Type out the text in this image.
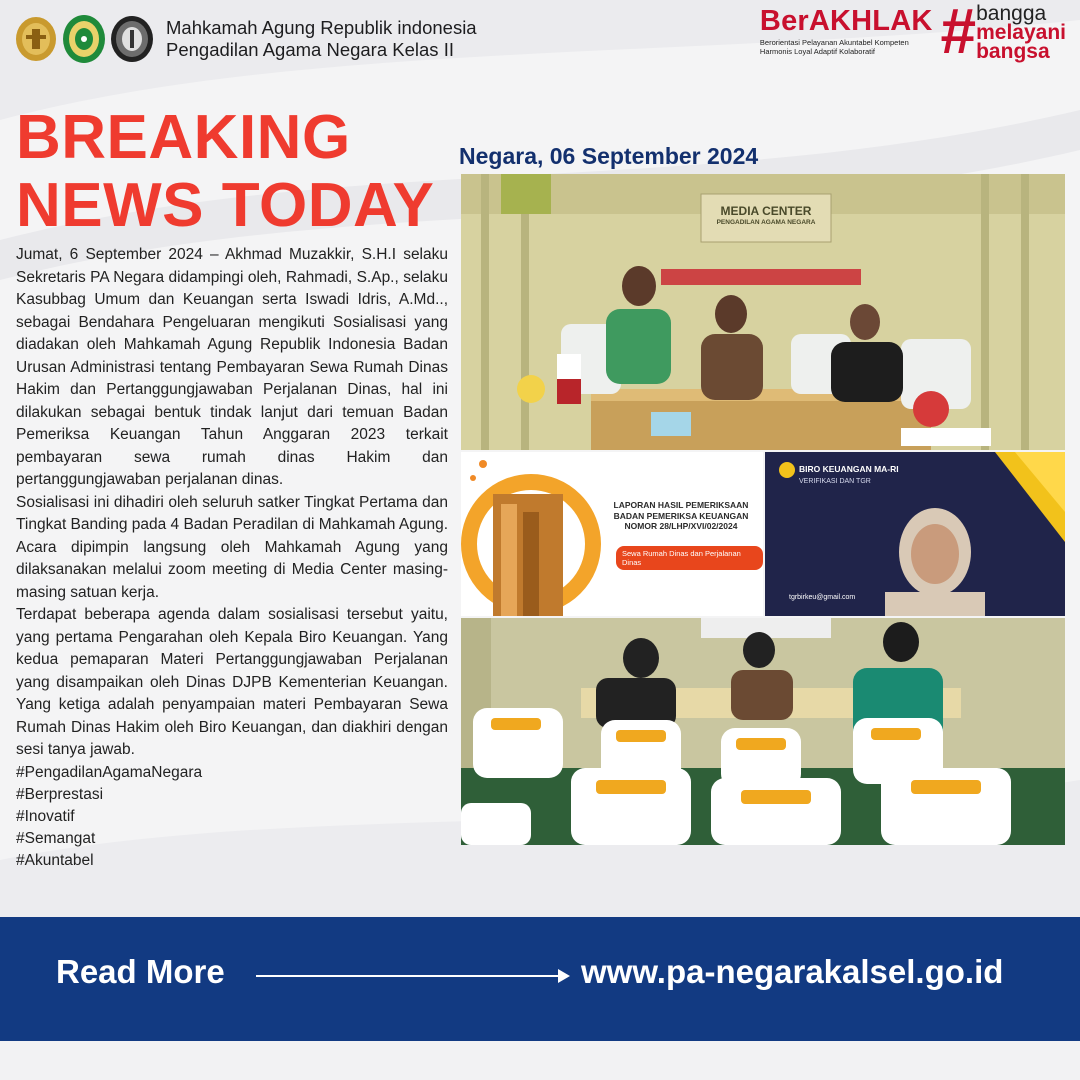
Mahkamah Agung Republik indonesia
Pengadilan Agama Negara Kelas II
BerAKHLAK
Berorientasi Pelayanan Akuntabel Kompeten Harmonis Loyal Adaptif Kolaboratif	# bangga
melayani
bangsa
BREAKING
NEWS TODAY

Jumat, 6 September 2024 – Akhmad Muzakkir, S.H.I selaku Sekretaris PA Negara didampingi oleh, Rahmadi, S.Ap., selaku Kasubbag Umum dan Keuangan serta Iswadi Idris, A.Md.., sebagai Bendahara Pengeluaran mengikuti Sosialisasi yang diadakan oleh Mahkamah Agung Republik Indonesia Badan Urusan Administrasi tentang Pembayaran Sewa Rumah Dinas Hakim dan Pertanggungjawaban Perjalanan Dinas, hal ini dilakukan sebagai bentuk tindak lanjut dari temuan Badan Pemeriksa Keuangan Tahun Anggaran 2023 terkait pembayaran sewa rumah dinas Hakim dan pertanggungjawaban perjalanan dinas.

Sosialisasi ini dihadiri oleh seluruh satker Tingkat Pertama dan Tingkat Banding pada 4 Badan Peradilan di Mahkamah Agung. Acara dipimpin langsung oleh Mahkamah Agung yang dilaksanakan melalui zoom meeting di Media Center masing-masing satuan kerja.

Terdapat beberapa agenda dalam sosialisasi tersebut yaitu, yang pertama Pengarahan oleh Kepala Biro Keuangan. Yang kedua pemaparan Materi Pertanggungjawaban Perjalanan yang disampaikan oleh Dinas DJPB Kementerian Keuangan. Yang ketiga adalah penyampaian materi Pembayaran Sewa Rumah Dinas Hakim oleh Biro Keuangan, dan diakhiri dengan sesi tanya jawab.

#PengadilanAgamaNegara
#Berprestasi
#Inovatif
#Semangat
#Akuntabel
Negara, 06 September 2024
MEDIA CENTER
PENGADILAN AGAMA NEGARA
LAPORAN HASIL PEMERIKSAAN
BADAN PEMERIKSA KEUANGAN
NOMOR 28/LHP/XVI/02/2024
Sewa Rumah Dinas dan Perjalanan Dinas
BIRO KEUANGAN MA-RI
VERIFIKASI DAN TGR
tgrbirkeu@gmail.com
Read More	www.pa-negarakalsel.go.id
